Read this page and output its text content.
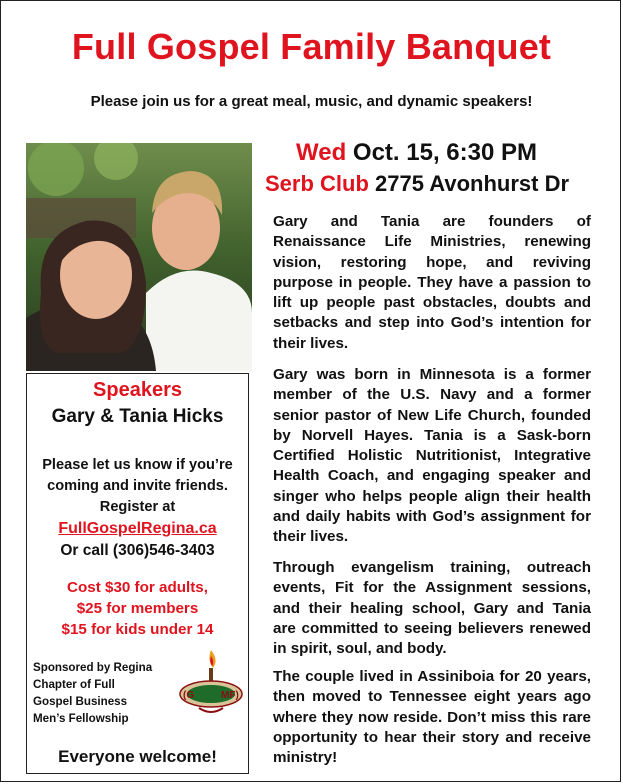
Full Gospel Family Banquet
Please join us for a great meal, music, and dynamic speakers!
Wed Oct. 15, 6:30 PM
Serb Club 2775 Avonhurst Dr

Gary and Tania are founders of Renaissance Life Ministries, renewing vision, restoring hope, and reviving purpose in people. They have a passion to lift up people past obstacles, doubts and setbacks and step into God’s intention for their lives.

Gary was born in Minnesota is a former member of the U.S. Navy and a former senior pastor of New Life Church, founded by Norvell Hayes. Tania is a Sask-born Certified Holistic Nutritionist, Integrative Health Coach, and engaging speaker and singer who helps people align their health and daily habits with God’s assignment for their lives.

Through evangelism training, outreach events, Fit for the Assignment sessions, and their healing school, Gary and Tania are committed to seeing believers renewed in spirit, soul, and body.

The couple lived in Assiniboia for 20 years, then moved to Tennessee eight years ago where they now reside. Don’t miss this rare opportunity to hear their story and receive ministry!

Speakers
Gary & Tania Hicks
Please let us know if you’re
coming and invite friends.
Register at
FullGospelRegina.ca
Or call (306)546-3403
Cost $30 for adults,
$25 for members
$15 for kids under 14
Sponsored by Regina
Chapter of Full
Gospel Business
Men’s Fellowship
(G	MF)
Everyone welcome!
